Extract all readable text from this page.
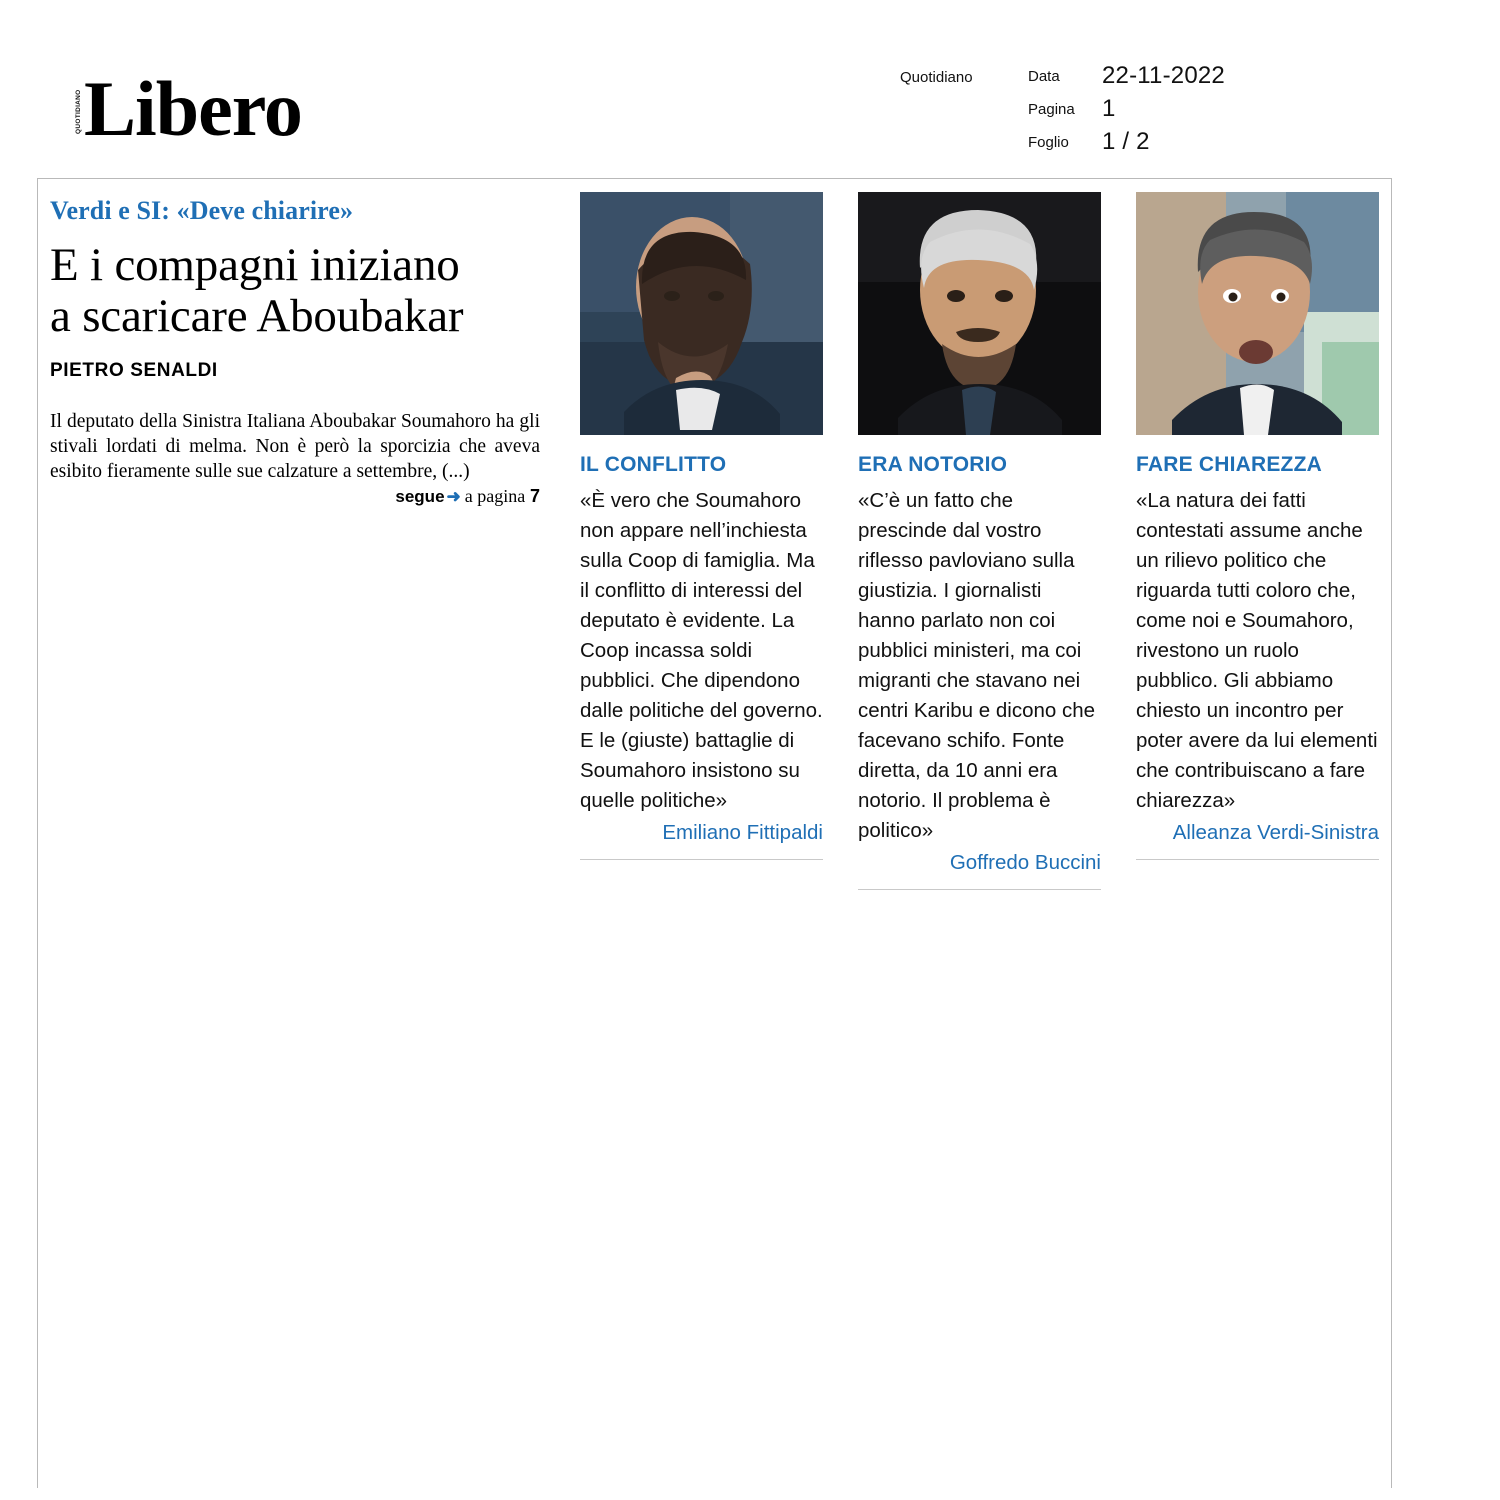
QUOTIDIANO Libero	Quotidiano	Data
Pagina
Foglio
22-11-2022
1
1 / 2
Verdi e SI: «Deve chiarire»
E i compagni iniziano
a scaricare Aboubakar
PIETRO SENALDI
Il deputato della Sinistra Italiana Aboubakar Soumahoro ha gli stivali lordati di melma. Non è però la sporcizia che aveva esibito fieramente sulle sue calzature a settembre, (...)
segue ➜ a pagina 7
IL CONFLITTO
«È vero che Soumahoro non appare nell’inchiesta sulla Coop di famiglia. Ma il conflitto di interessi del deputato è evidente. La Coop incassa soldi pubblici. Che dipendono dalle politiche del governo. E le (giuste) battaglie di Soumahoro insistono su quelle politiche»
Emiliano Fittipaldi
ERA NOTORIO
«C’è un fatto che prescinde dal vostro riflesso pavloviano sulla giustizia. I giornalisti hanno parlato non coi pubblici ministeri, ma coi migranti che stavano nei centri Karibu e dicono che facevano schifo. Fonte diretta, da 10 anni era notorio. Il problema è politico»
Goffredo Buccini
FARE CHIAREZZA
«La natura dei fatti contestati assume anche un rilievo politico che riguarda tutti coloro che, come noi e Soumahoro, rivestono un ruolo pubblico. Gli abbiamo chiesto un incontro per poter avere da lui elementi che contribuiscano a fare chiarezza»
Alleanza Verdi-Sinistra
